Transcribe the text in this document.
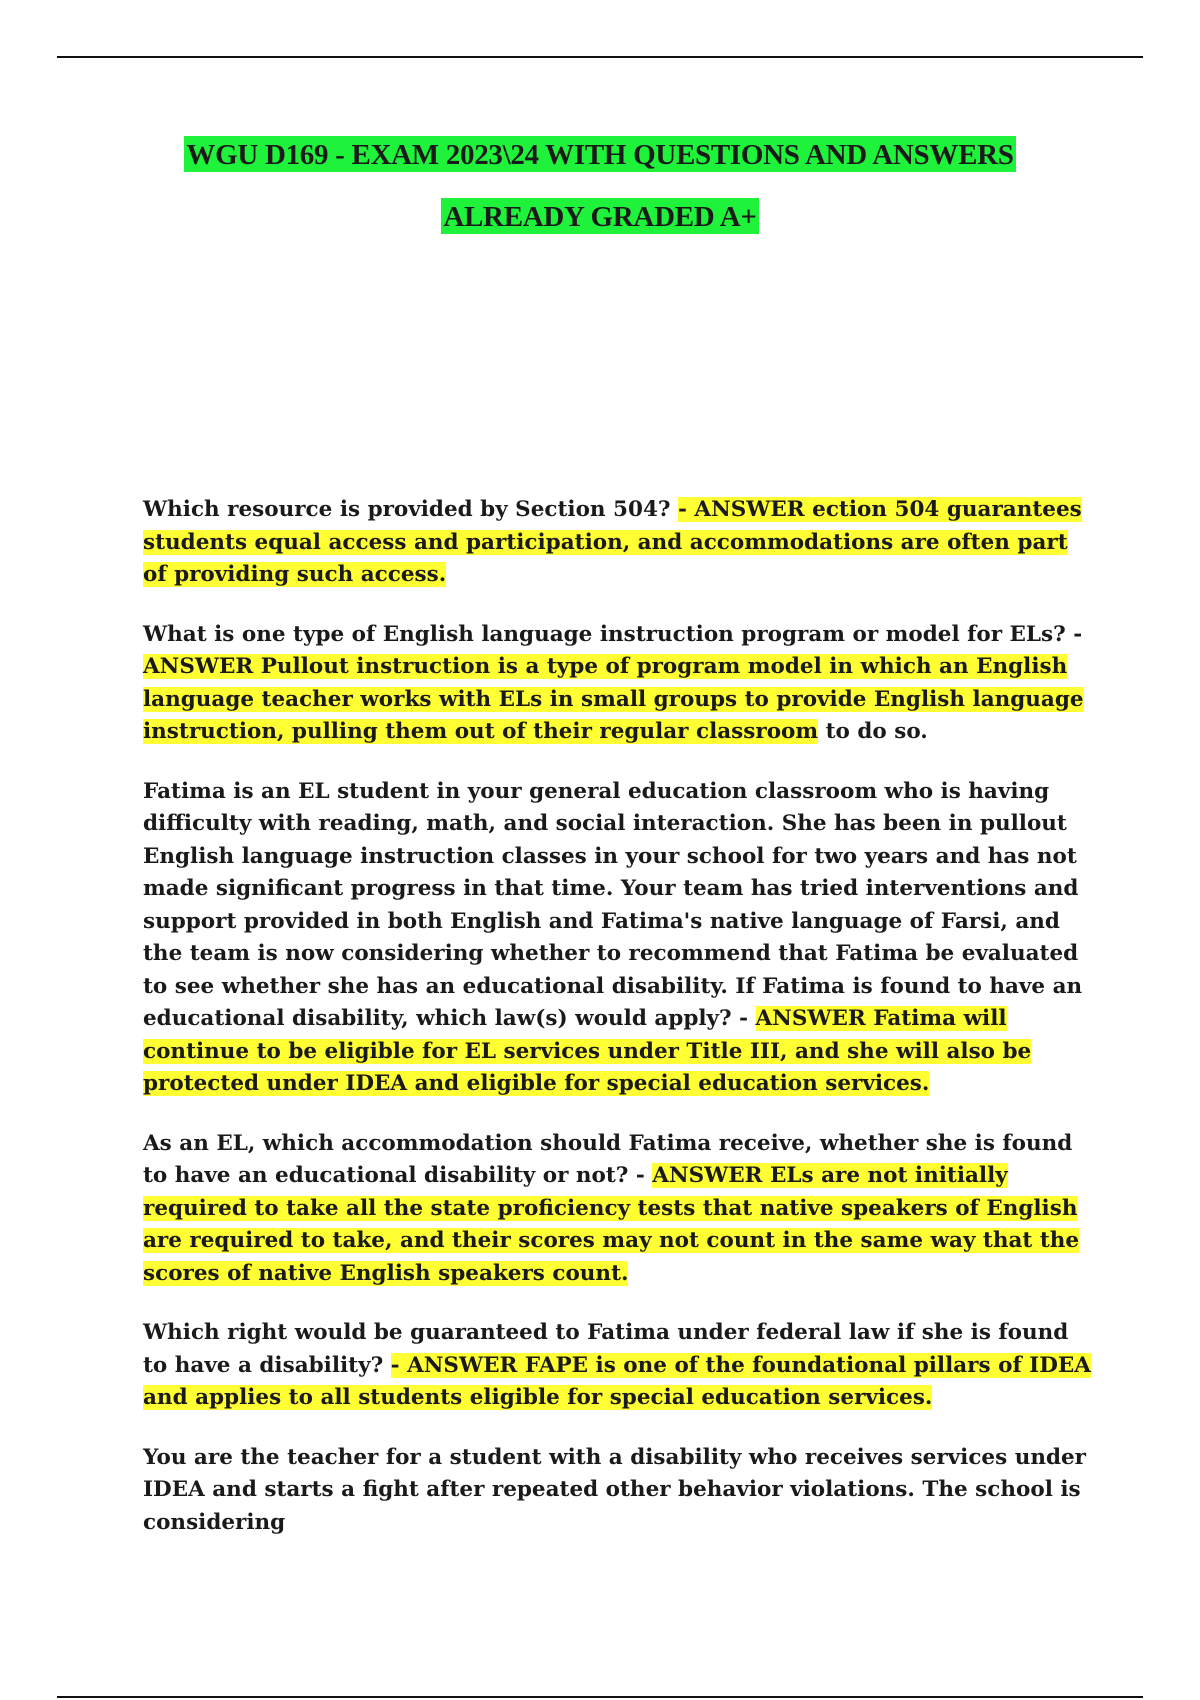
WGU D169 - EXAM 2023\24 WITH QUESTIONS AND ANSWERS
ALREADY GRADED A+

Which resource is provided by Section 504? - ANSWER ection 504 guarantees students equal access and participation, and accommodations are often part of providing such access.

What is one type of English language instruction program or model for ELs? - ANSWER Pullout instruction is a type of program model in which an English language teacher works with ELs in small groups to provide English language instruction, pulling them out of their regular classroom to do so.

Fatima is an EL student in your general education classroom who is having difficulty with reading, math, and social interaction. She has been in pullout English language instruction classes in your school for two years and has not made significant progress in that time. Your team has tried interventions and support provided in both English and Fatima's native language of Farsi, and the team is now considering whether to recommend that Fatima be evaluated to see whether she has an educational disability. If Fatima is found to have an educational disability, which law(s) would apply? - ANSWER Fatima will continue to be eligible for EL services under Title III, and she will also be protected under IDEA and eligible for special education services.

As an EL, which accommodation should Fatima receive, whether she is found to have an educational disability or not? - ANSWER ELs are not initially required to take all the state proficiency tests that native speakers of English are required to take, and their scores may not count in the same way that the scores of native English speakers count.

Which right would be guaranteed to Fatima under federal law if she is found to have a disability? - ANSWER FAPE is one of the foundational pillars of IDEA and applies to all students eligible for special education services.

You are the teacher for a student with a disability who receives services under IDEA and starts a fight after repeated other behavior violations. The school is considering
